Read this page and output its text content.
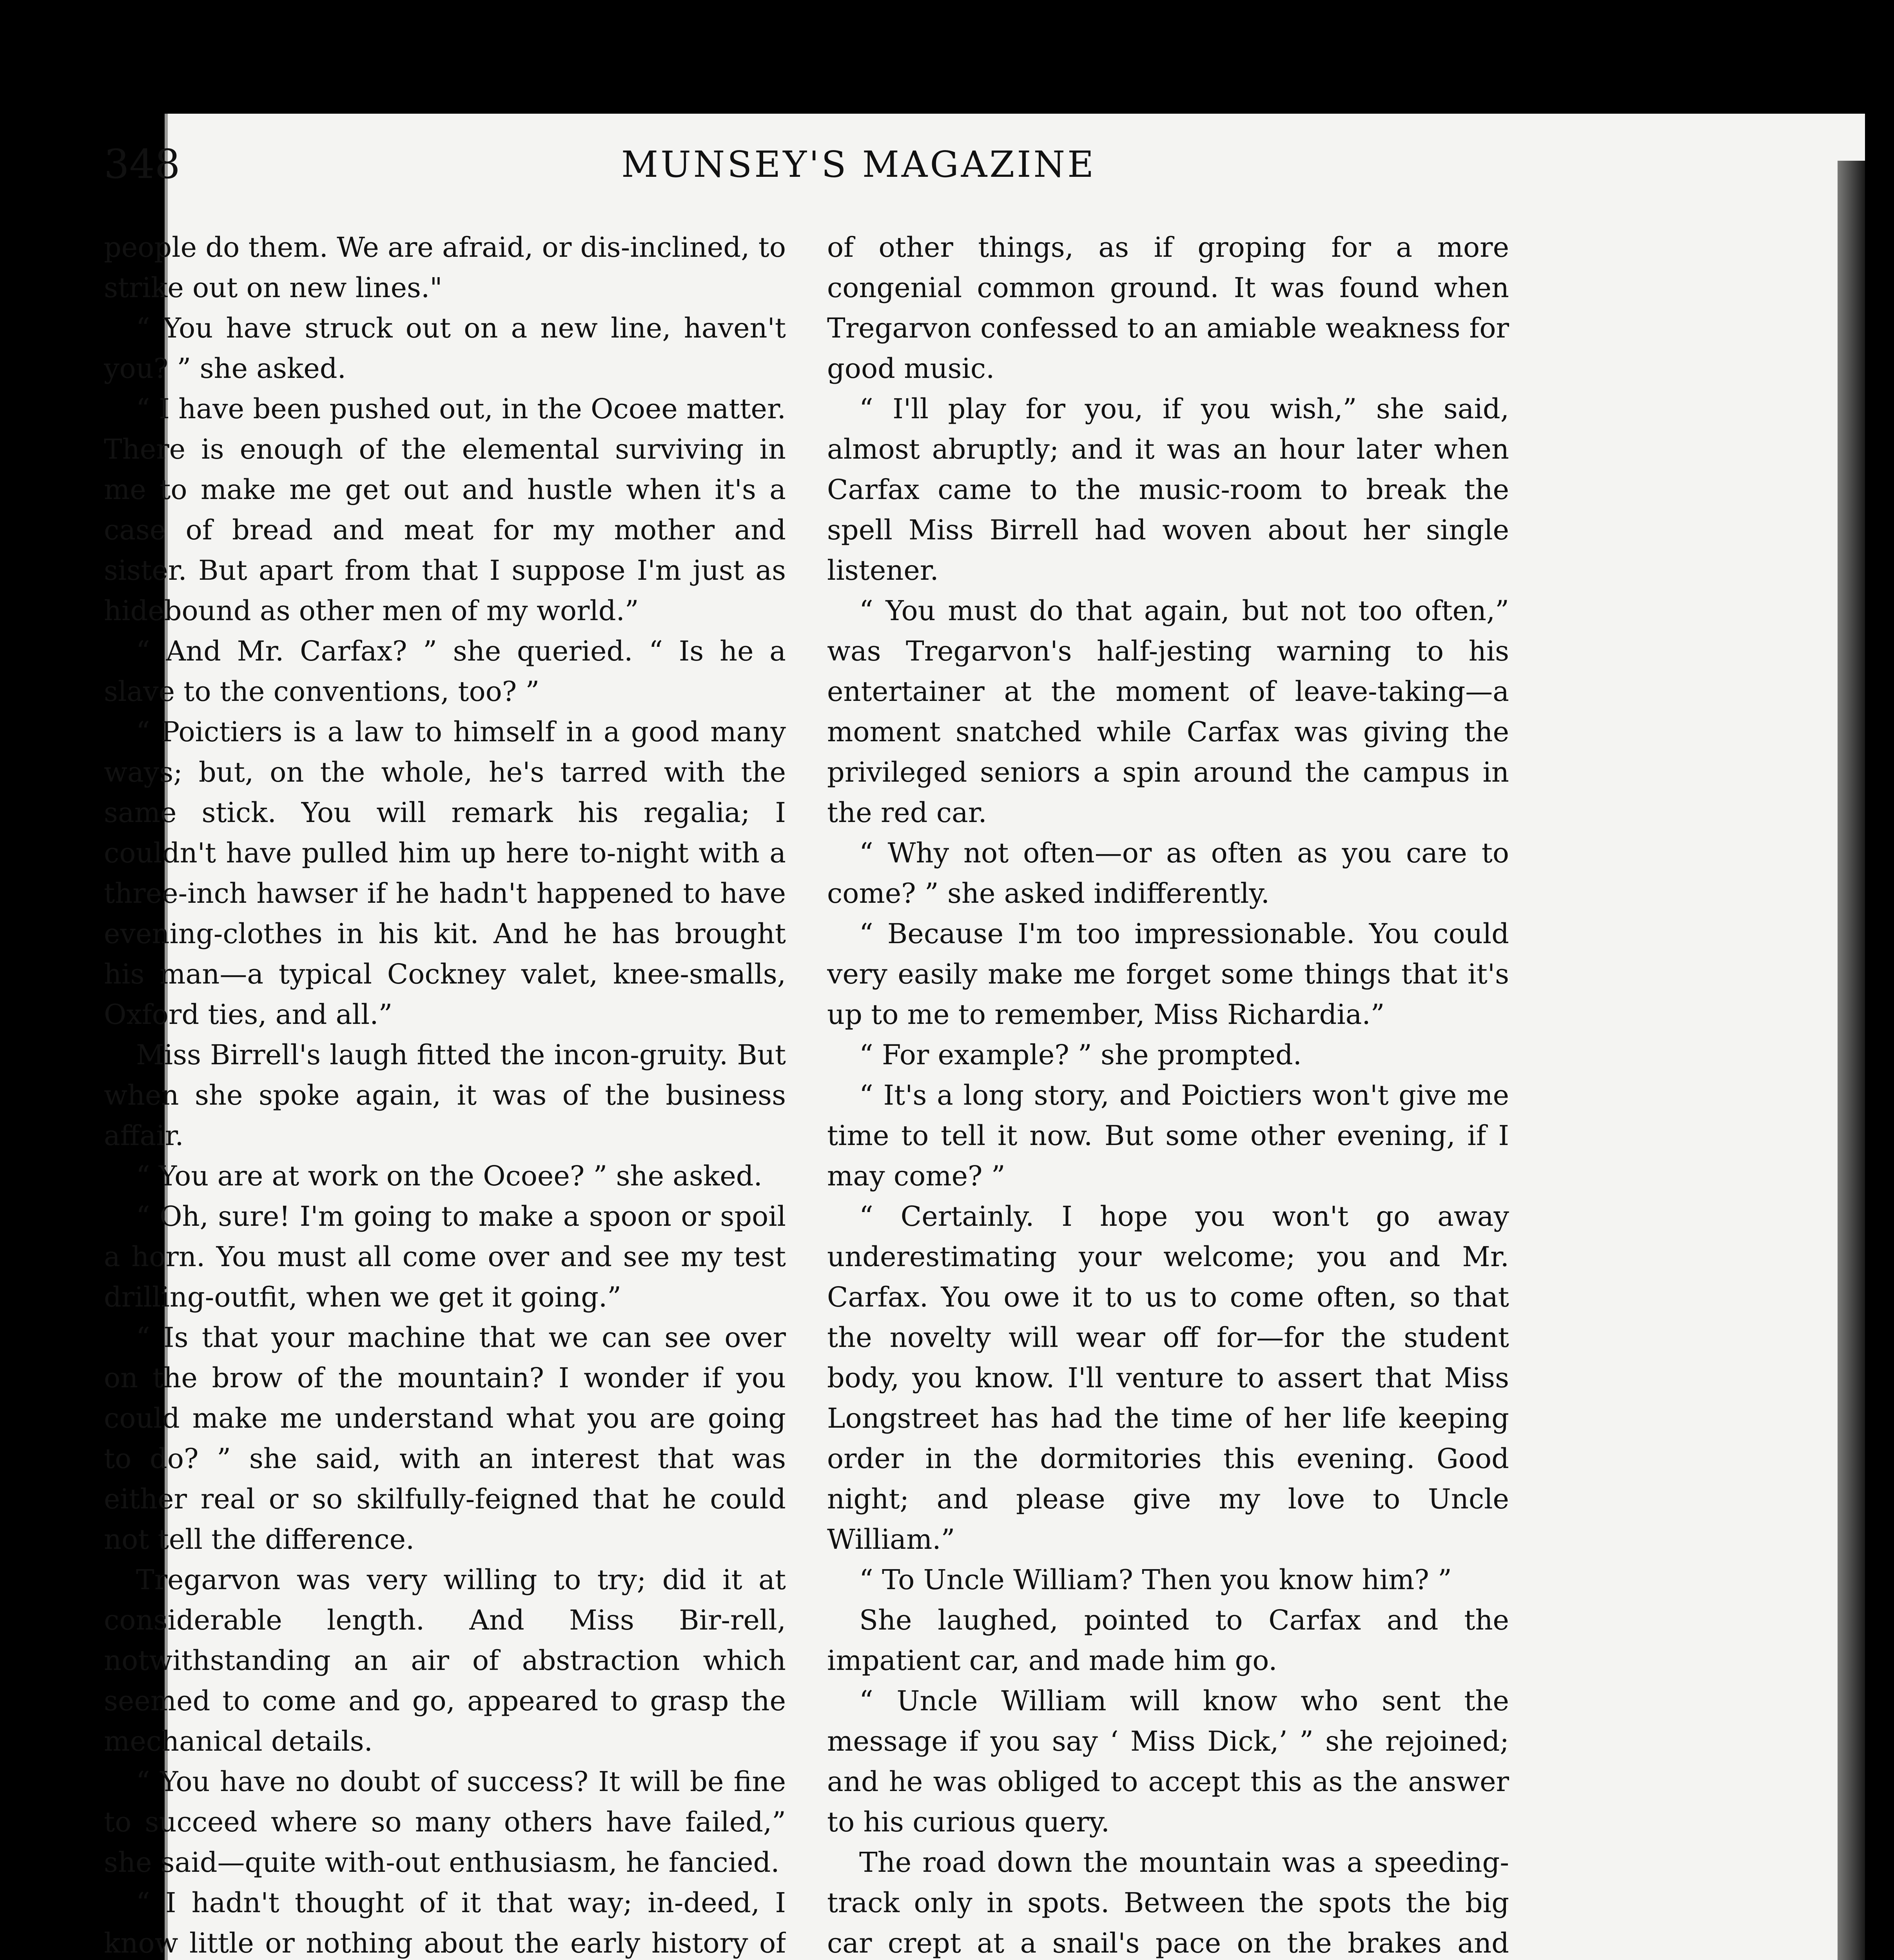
348	MUNSEY'S MAGAZINE

people do them. We are afraid, or dis-inclined, to strike out on new lines."

“ You have struck out on a new line, haven't you? ” she asked.

“ I have been pushed out, in the Ocoee matter. There is enough of the elemental surviving in me to make me get out and hustle when it's a case of bread and meat for my mother and sister. But apart from that I suppose I'm just as hidebound as other men of my world.”

“ And Mr. Carfax? ” she queried. “ Is he a slave to the conventions, too? ”

“ Poictiers is a law to himself in a good many ways; but, on the whole, he's tarred with the same stick. You will remark his regalia; I couldn't have pulled him up here to-night with a three-inch hawser if he hadn't happened to have evening-clothes in his kit. And he has brought his man—a typical Cockney valet, knee-smalls, Oxford ties, and all.”

Miss Birrell's laugh fitted the incon-gruity. But when she spoke again, it was of the business affair.

“ You are at work on the Ocoee? ” she asked.

“ Oh, sure! I'm going to make a spoon or spoil a horn. You must all come over and see my test drilling-outfit, when we get it going.”

“ Is that your machine that we can see over on the brow of the mountain? I wonder if you could make me understand what you are going to do? ” she said, with an interest that was either real or so skilfully-feigned that he could not tell the difference.

Tregarvon was very willing to try; did it at considerable length. And Miss Bir-rell, notwithstanding an air of abstraction which seemed to come and go, appeared to grasp the mechanical details.

“ You have no doubt of success? It will be fine to succeed where so many others have failed,” she said—quite with-out enthusiasm, he fancied.

“ I hadn't thought of it that way; in-deed, I know little or nothing about the early history of

of other things, as if groping for a more congenial common ground. It was found when Tregarvon confessed to an amiable weakness for good music.

“ I'll play for you, if you wish,” she said, almost abruptly; and it was an hour later when Carfax came to the music-room to break the spell Miss Birrell had woven about her single listener.

“ You must do that again, but not too often,” was Tregarvon's half-jesting warning to his entertainer at the moment of leave-taking—a moment snatched while Carfax was giving the privileged seniors a spin around the campus in the red car.

“ Why not often—or as often as you care to come? ” she asked indifferently.

“ Because I'm too impressionable. You could very easily make me forget some things that it's up to me to remember, Miss Richardia.”

“ For example? ” she prompted.

“ It's a long story, and Poictiers won't give me time to tell it now. But some other evening, if I may come? ”

“ Certainly. I hope you won't go away underestimating your welcome; you and Mr. Carfax. You owe it to us to come often, so that the novelty will wear off for—for the student body, you know. I'll venture to assert that Miss Longstreet has had the time of her life keeping order in the dormitories this evening. Good night; and please give my love to Uncle William.”

“ To Uncle William? Then you know him? ”

She laughed, pointed to Carfax and the impatient car, and made him go.

“ Uncle William will know who sent the message if you say ‘ Miss Dick,’ ” she rejoined; and he was obliged to accept this as the answer to his curious query.

The road down the mountain was a speeding-track only in spots. Between the spots the big car crept at a snail's pace on the brakes and
